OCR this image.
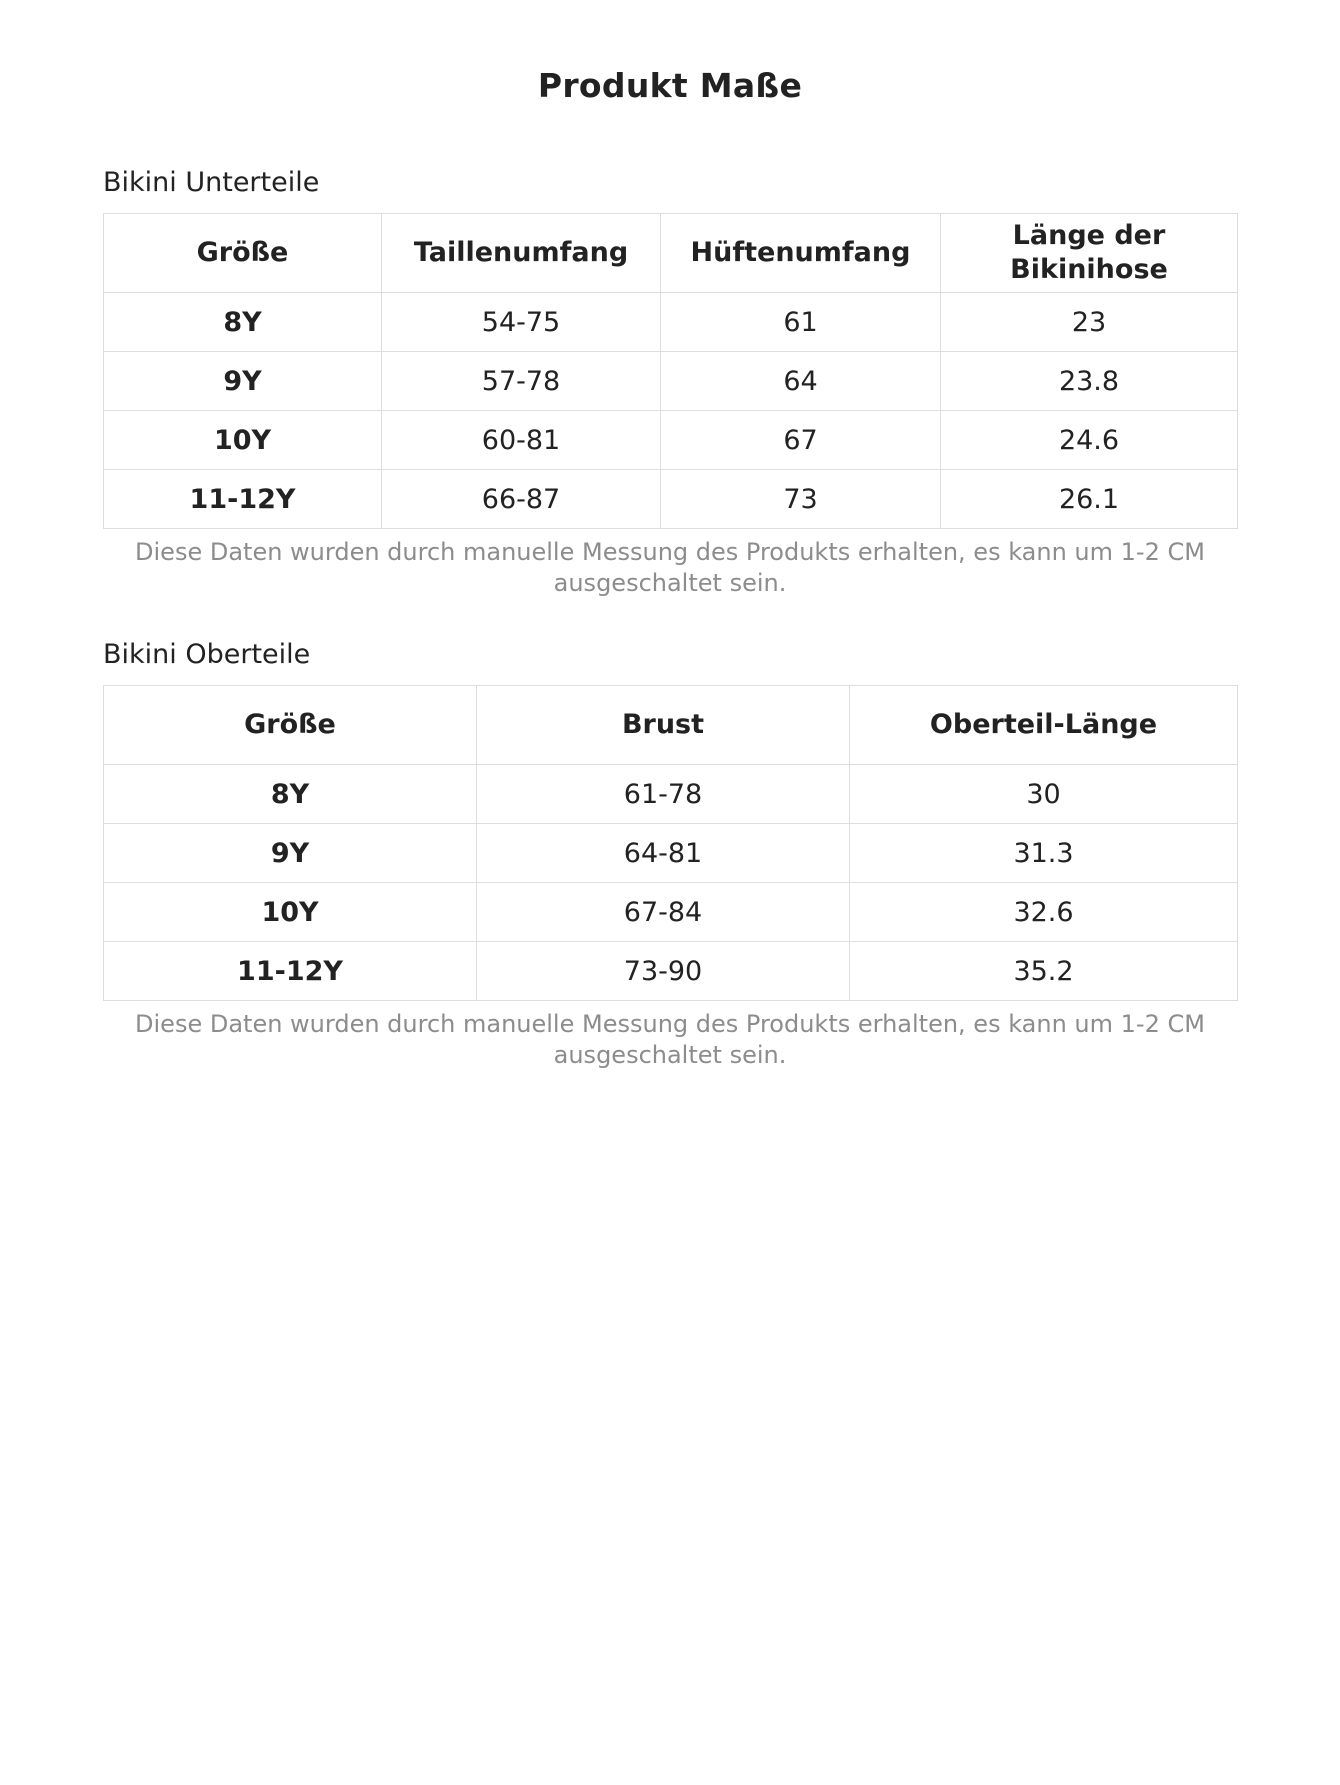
Produkt Maße
Bikini Unterteile
Größe	Taillenumfang	Hüftenumfang	Länge der Bikinihose
8Y	54-75	61	23
9Y	57-78	64	23.8
10Y	60-81	67	24.6
11-12Y	66-87	73	26.1

Diese Daten wurden durch manuelle Messung des Produkts erhalten, es kann um 1-2 CM ausgeschaltet sein.

Bikini Oberteile
Größe	Brust	Oberteil-Länge
8Y	61-78	30
9Y	64-81	31.3
10Y	67-84	32.6
11-12Y	73-90	35.2

Diese Daten wurden durch manuelle Messung des Produkts erhalten, es kann um 1-2 CM ausgeschaltet sein.
